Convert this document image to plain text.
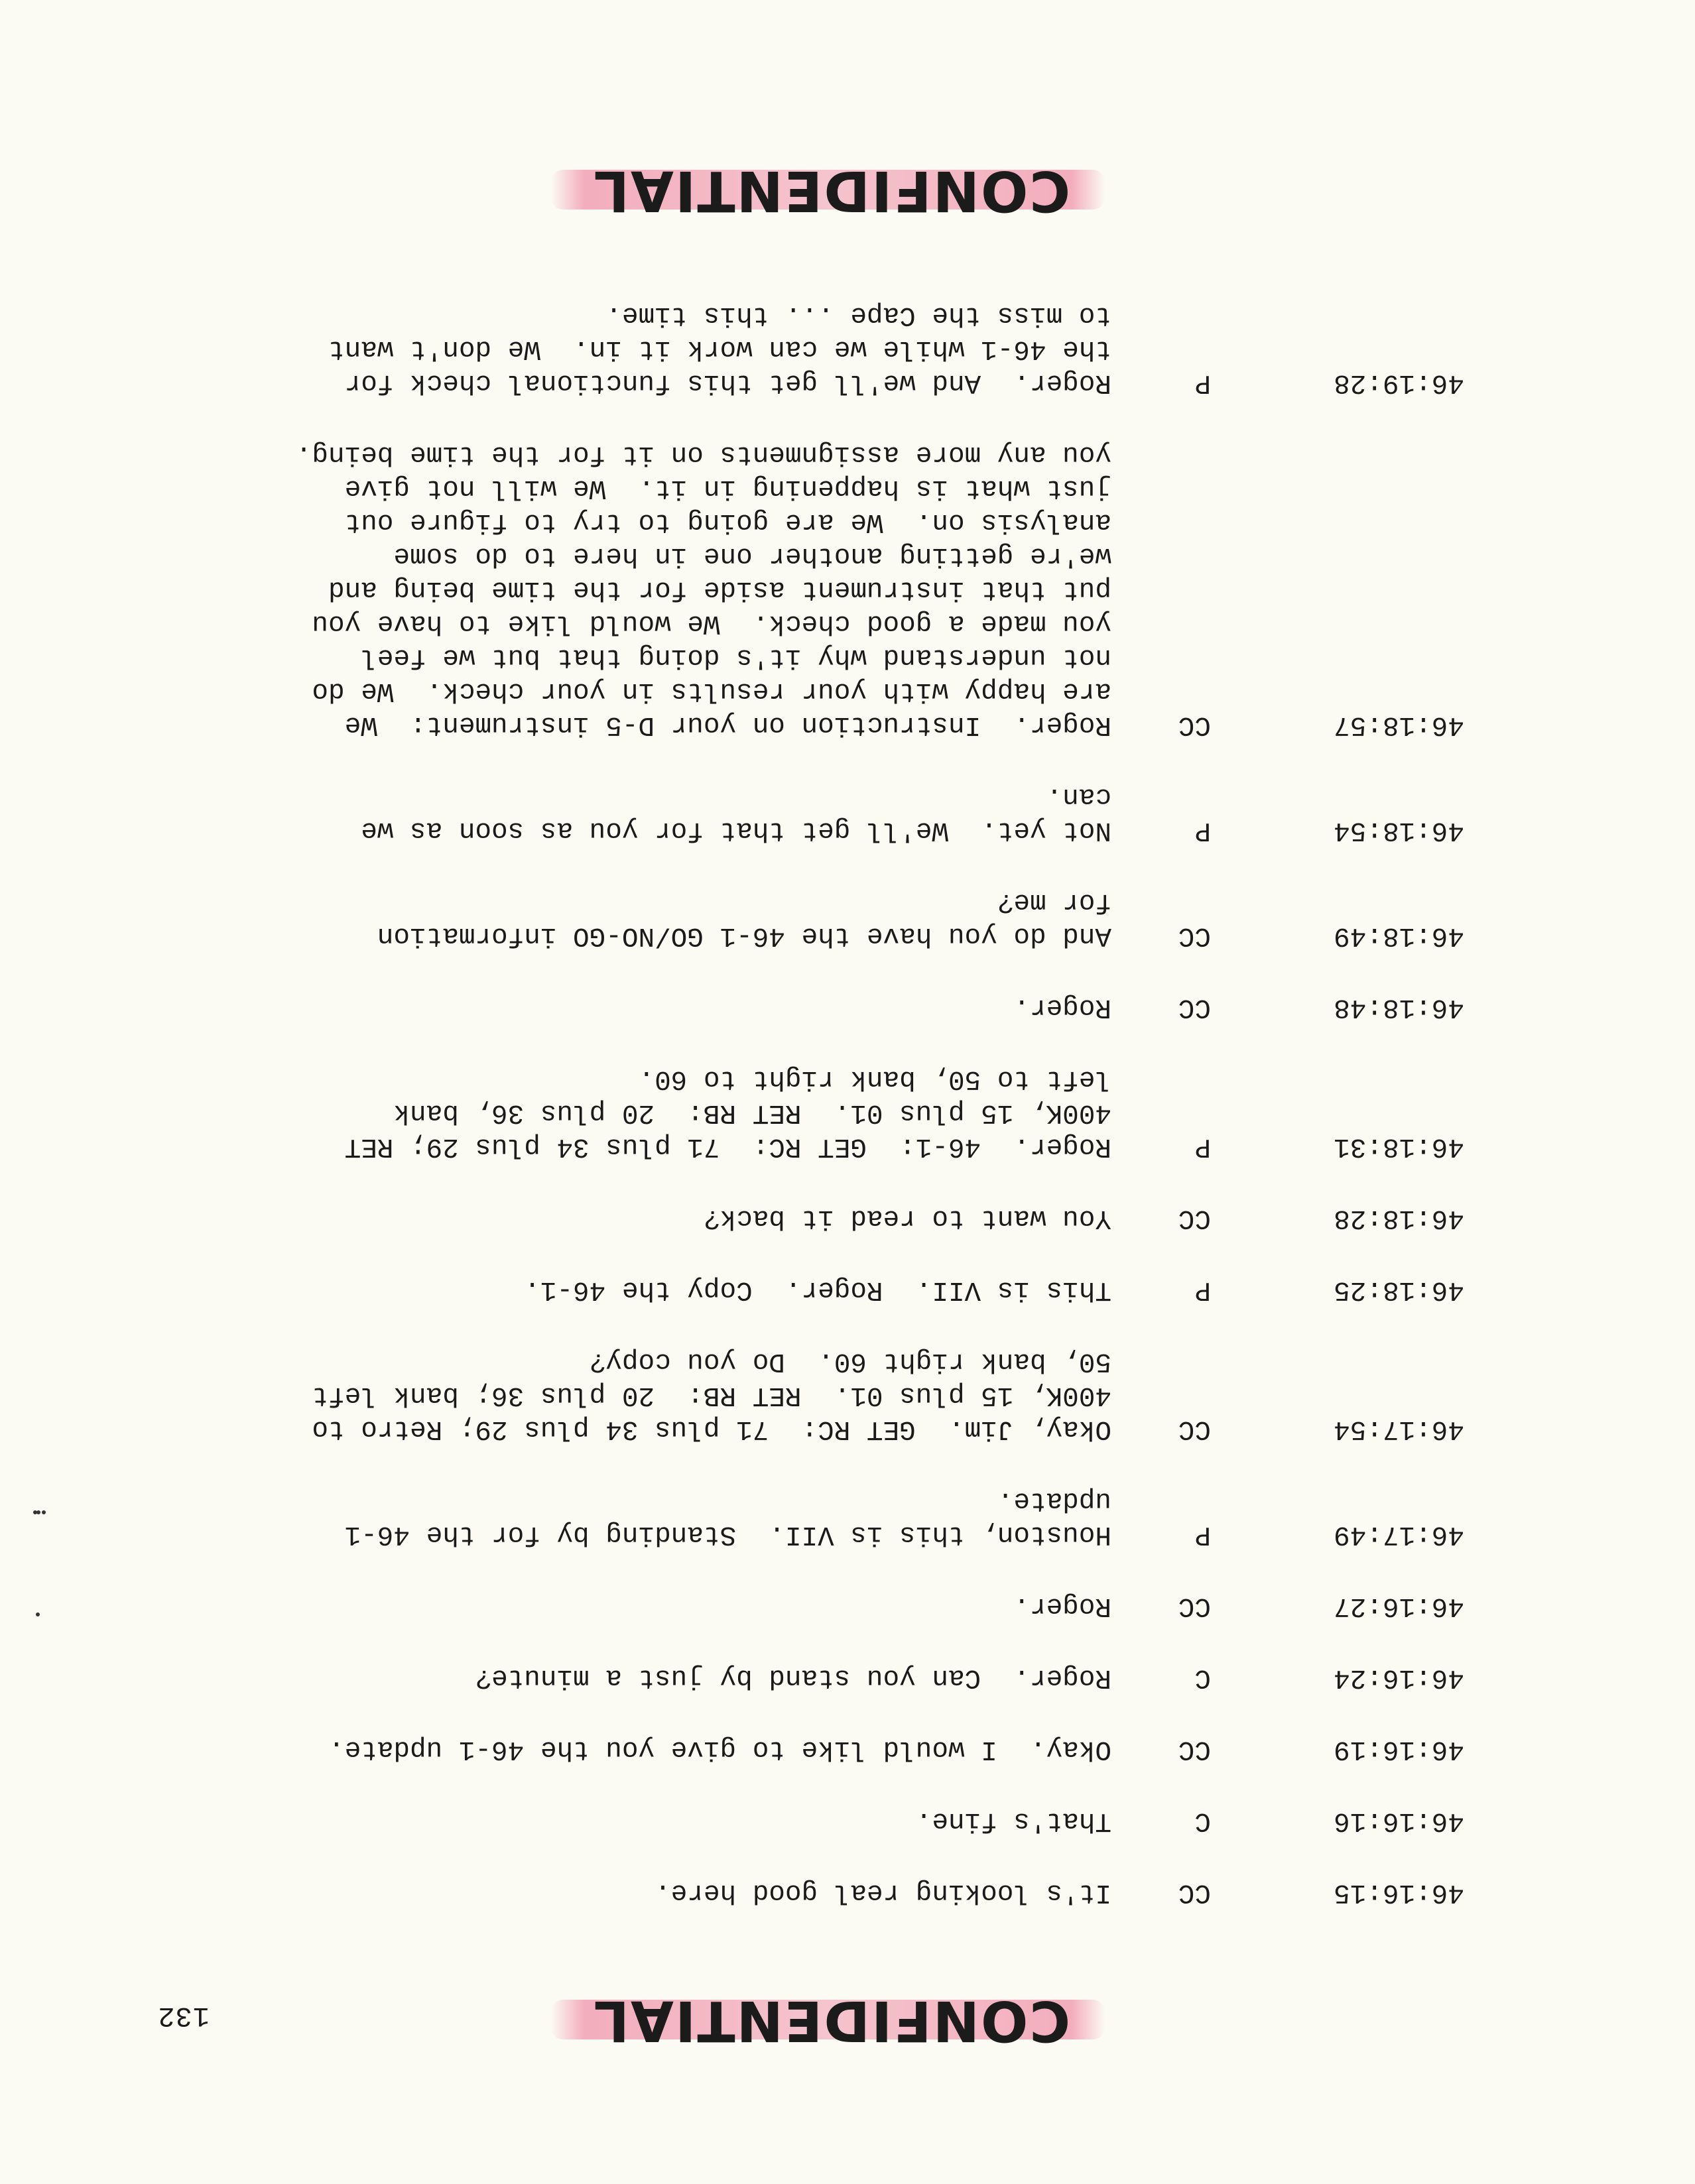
132	CONFIDENTIAL
46:16:15
CC
It's looking real good here.
46:16:16
C
That's fine.
46:16:19
CC
Okay.  I would like to give you the 46-1 update.
46:16:24
C
Roger.  Can you stand by just a minute?
46:16:27
CC
Roger.
46:17:49
P
Houston, this is VII.  Standing by for the 46-1
update.
46:17:54
CC
Okay, Jim.  GET RC:  71 plus 34 plus 29; Retro to
400K, 15 plus 01.  RET RB:  20 plus 36; bank left
50, bank right 60.  Do you copy?
46:18:25
P
This is VII.  Roger.  Copy the 46-1.
46:18:28
CC
You want to read it back?
46:18:31
P
Roger.  46-1:  GET RC:  71 plus 34 plus 29; RET
400K, 15 plus 01.  RET RB:  20 plus 36, bank
left to 50, bank right to 60.
46:18:48
CC
Roger.
46:18:49
CC
And do you have the 46-1 GO/NO-GO information
for me?
46:18:54
P
Not yet.  We'll get that for you as soon as we
can.
46:18:57
CC
Roger.  Instruction on your D-5 instrument:  We
are happy with your results in your check.  We do
not understand why it's doing that but we feel
you made a good check.  We would like to have you
put that instrument aside for the time being and
we're getting another one in here to do some
analysis on.  We are going to try to figure out
just what is happening in it.  We will not give
you any more assignments on it for the time being.
46:19:28
P
Roger.  And we'll get this functional check for
the 46-1 while we can work it in.  We don't want
to miss the Cape ... this time.
CONFIDENTIAL
